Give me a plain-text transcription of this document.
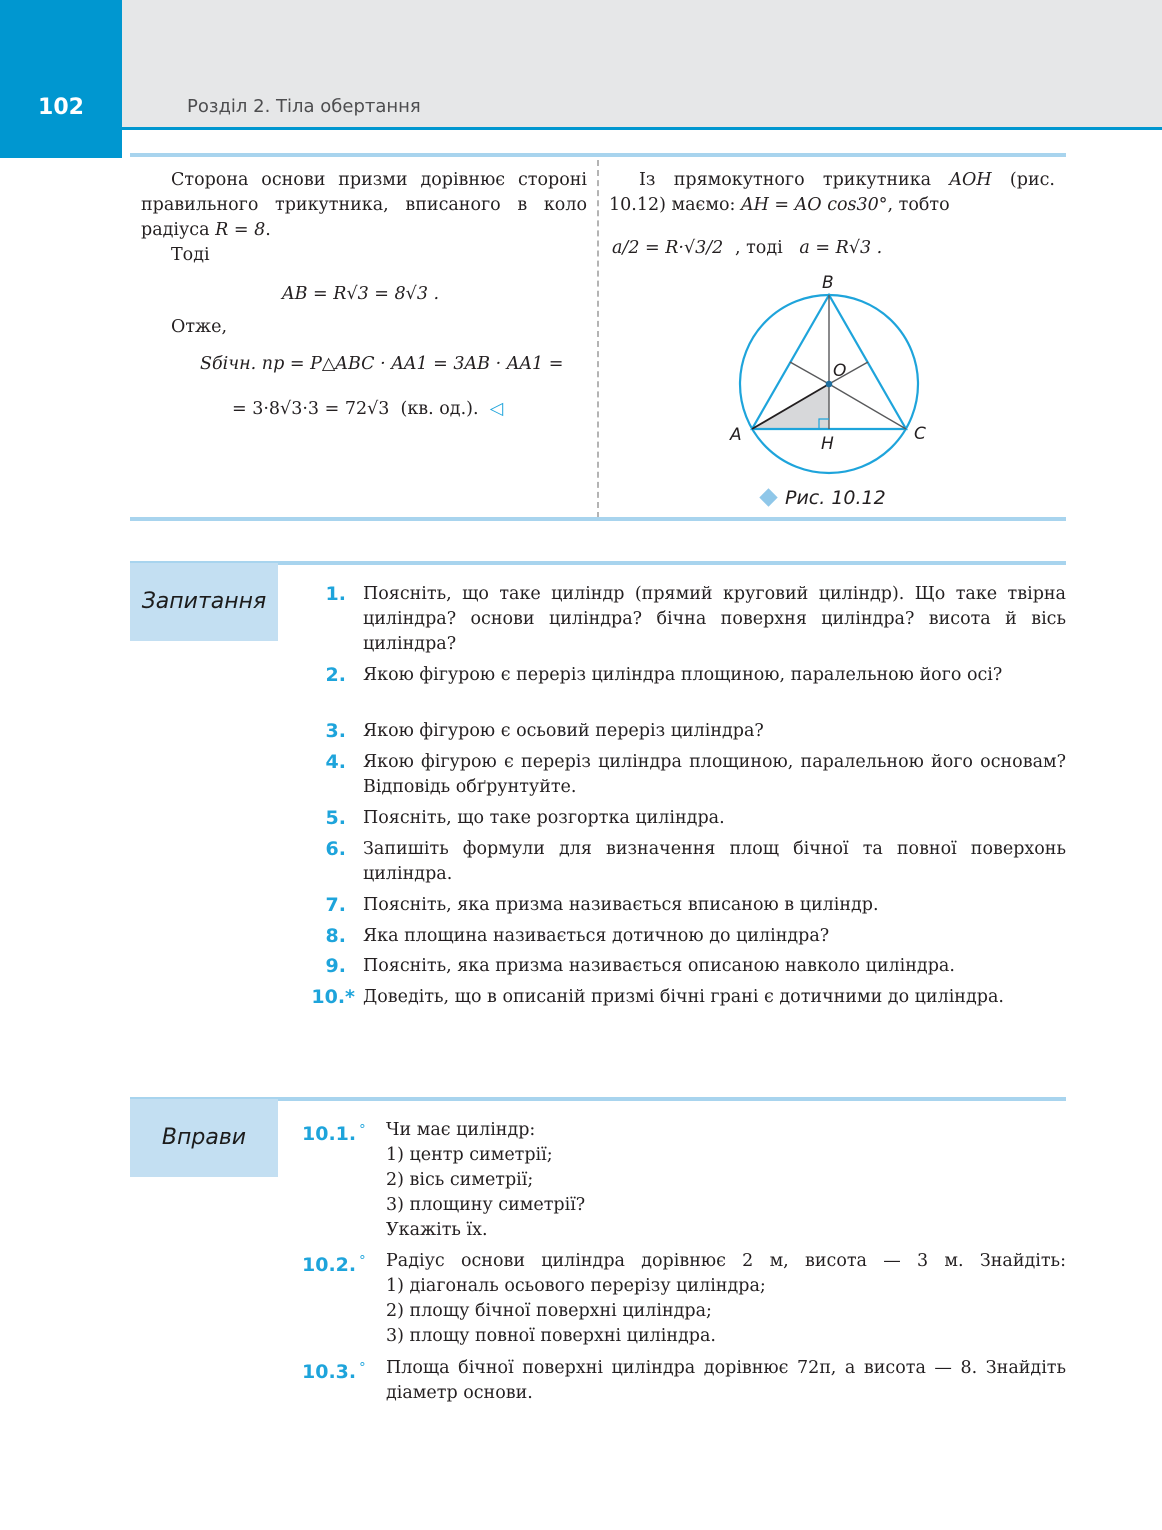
102	Розділ 2. Тіла обертання
Сторона основи призми дорівнює стороні правильного трикутника, вписаного в коло радіуса R = 8.
Тоді
AB = R√3 = 8√3 .
Отже,
Sбічн. пр = P△ABC · AA1 = 3AB · AA1 =
= 3·8√3·3 = 72√3 (кв. од.). ◁
Із прямокутного трикутника AOH (рис. 10.12) маємо: AH = AO cos30°, тобто
a/2 = R·√3/2 , тоді a = R√3 .
B
O
A	H	C
Рис. 10.12
Запитання	1. Поясніть, що таке циліндр (прямий круговий циліндр). Що таке твірна циліндра? основи циліндра? бічна поверхня циліндра? висота й вісь циліндра?
2. Якою фігурою є переріз циліндра площиною, паралельною його осі?
3. Якою фігурою є осьовий переріз циліндра?
4. Якою фігурою є переріз циліндра площиною, паралельною його основам? Відповідь обґрунтуйте.
5. Поясніть, що таке розгортка циліндра.
6. Запишіть формули для визначення площ бічної та повної поверхонь циліндра.
7. Поясніть, яка призма називається вписаною в циліндр.
8. Яка площина називається дотичною до циліндра?
9. Поясніть, яка призма називається описаною навколо циліндра.
10.* Доведіть, що в описаній призмі бічні грані є дотичними до циліндра.
Вправи	10.1. ° Чи має циліндр:
1) центр симетрії;
2) вісь симетрії;
3) площину симетрії?
Укажіть їх.
10.2. ° Радіус основи циліндра дорівнює 2 м, висота — 3 м. Знайдіть:
1) діагональ осьового перерізу циліндра;
2) площу бічної поверхні циліндра;
3) площу повної поверхні циліндра.
10.3. ° Площа бічної поверхні циліндра дорівнює 72π, а висота — 8. Знайдіть діаметр основи.
